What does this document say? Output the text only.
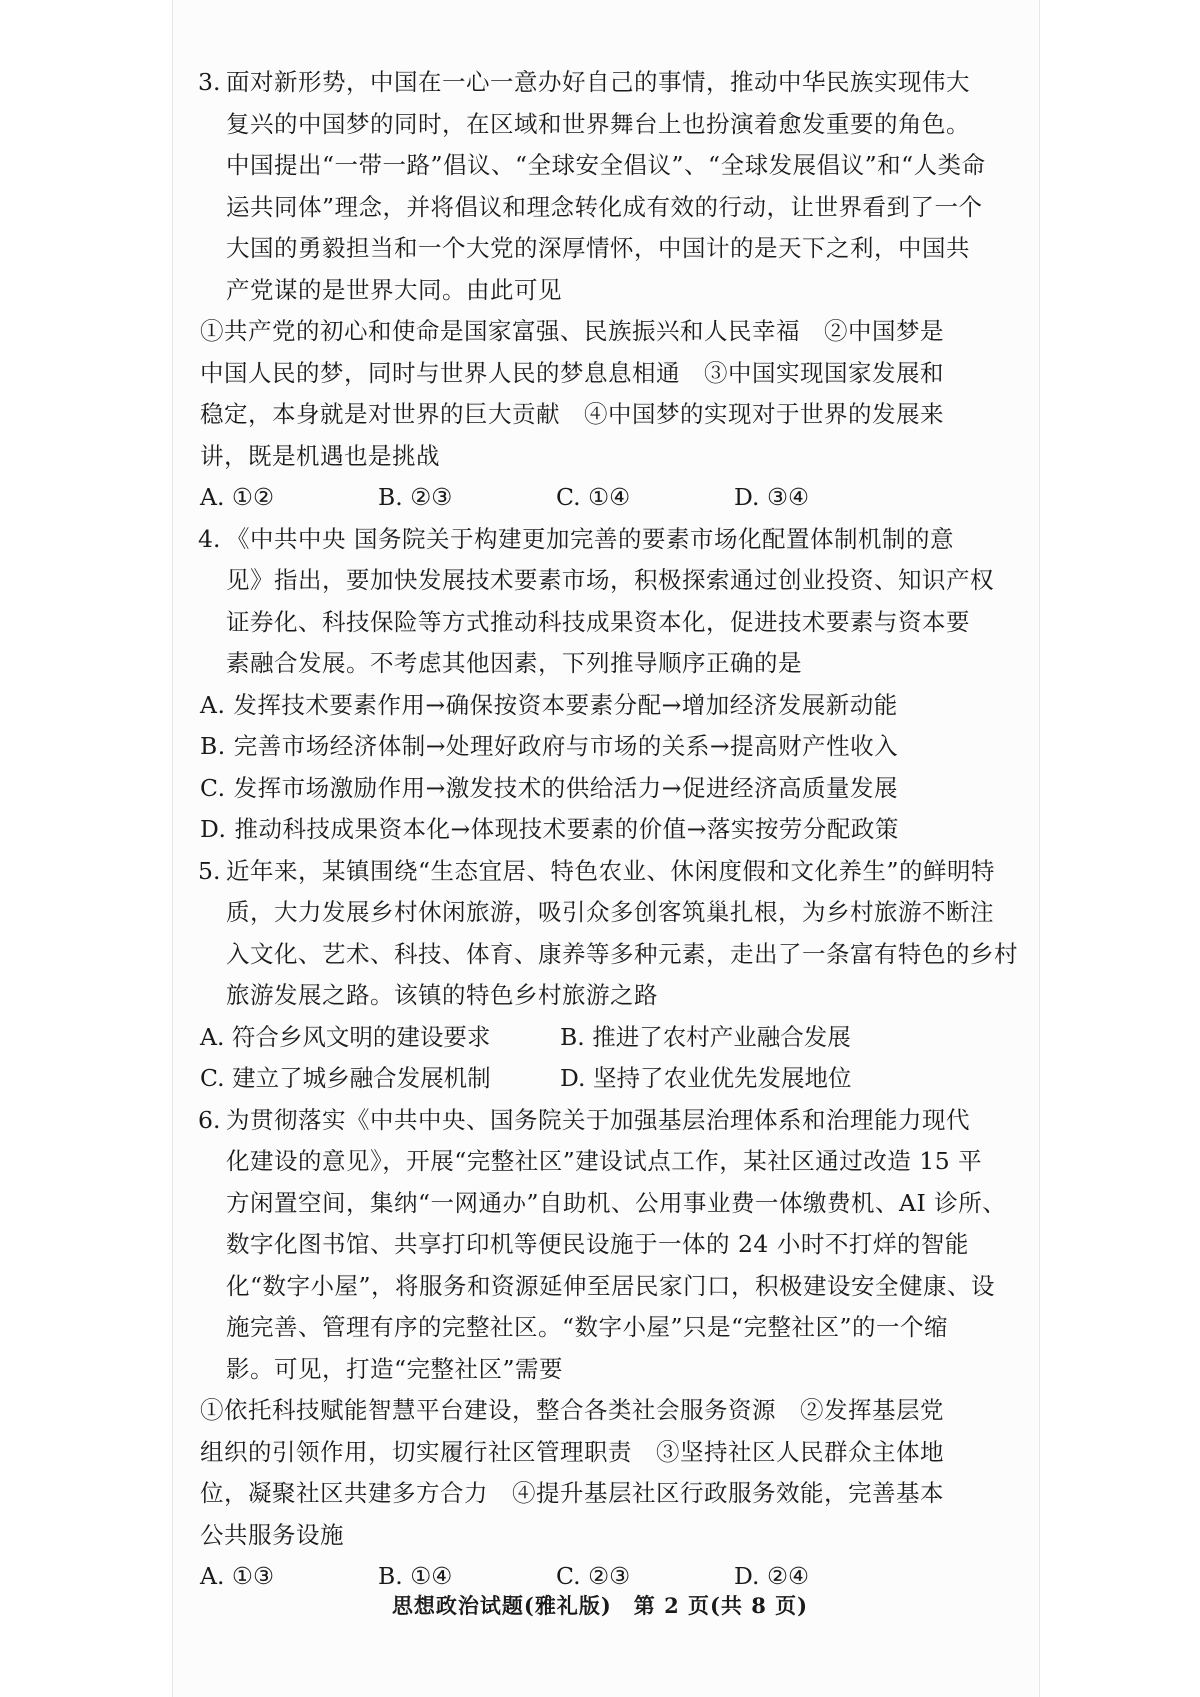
3. 面对新形势，中国在一心一意办好自己的事情，推动中华民族实现伟大
复兴的中国梦的同时，在区域和世界舞台上也扮演着愈发重要的角色。
中国提出“一带一路”倡议、“全球安全倡议”、“全球发展倡议”和“人类命
运共同体”理念，并将倡议和理念转化成有效的行动，让世界看到了一个
大国的勇毅担当和一个大党的深厚情怀，中国计的是天下之利，中国共
产党谋的是世界大同。由此可见
①共产党的初心和使命是国家富强、民族振兴和人民幸福　②中国梦是
中国人民的梦，同时与世界人民的梦息息相通　③中国实现国家发展和
稳定，本身就是对世界的巨大贡献　④中国梦的实现对于世界的发展来
讲，既是机遇也是挑战
A. ①②	B. ②③	C. ①④	D. ③④
4. 《中共中央 国务院关于构建更加完善的要素市场化配置体制机制的意
见》指出，要加快发展技术要素市场，积极探索通过创业投资、知识产权
证券化、科技保险等方式推动科技成果资本化，促进技术要素与资本要
素融合发展。不考虑其他因素，下列推导顺序正确的是
A. 发挥技术要素作用→确保按资本要素分配→增加经济发展新动能
B. 完善市场经济体制→处理好政府与市场的关系→提高财产性收入
C. 发挥市场激励作用→激发技术的供给活力→促进经济高质量发展
D. 推动科技成果资本化→体现技术要素的价值→落实按劳分配政策
5. 近年来，某镇围绕“生态宜居、特色农业、休闲度假和文化养生”的鲜明特
质，大力发展乡村休闲旅游，吸引众多创客筑巢扎根，为乡村旅游不断注
入文化、艺术、科技、体育、康养等多种元素，走出了一条富有特色的乡村
旅游发展之路。该镇的特色乡村旅游之路
A. 符合乡风文明的建设要求	B. 推进了农村产业融合发展
C. 建立了城乡融合发展机制	D. 坚持了农业优先发展地位
6. 为贯彻落实《中共中央、国务院关于加强基层治理体系和治理能力现代
化建设的意见》，开展“完整社区”建设试点工作，某社区通过改造 15 平
方闲置空间，集纳“一网通办”自助机、公用事业费一体缴费机、AI 诊所、
数字化图书馆、共享打印机等便民设施于一体的 24 小时不打烊的智能
化“数字小屋”，将服务和资源延伸至居民家门口，积极建设安全健康、设
施完善、管理有序的完整社区。“数字小屋”只是“完整社区”的一个缩
影。可见，打造“完整社区”需要
①依托科技赋能智慧平台建设，整合各类社会服务资源　②发挥基层党
组织的引领作用，切实履行社区管理职责　③坚持社区人民群众主体地
位，凝聚社区共建多方合力　④提升基层社区行政服务效能，完善基本
公共服务设施
A. ①③	B. ①④	C. ②③	D. ②④
思想政治试题(雅礼版)　第 2 页(共 8 页)
